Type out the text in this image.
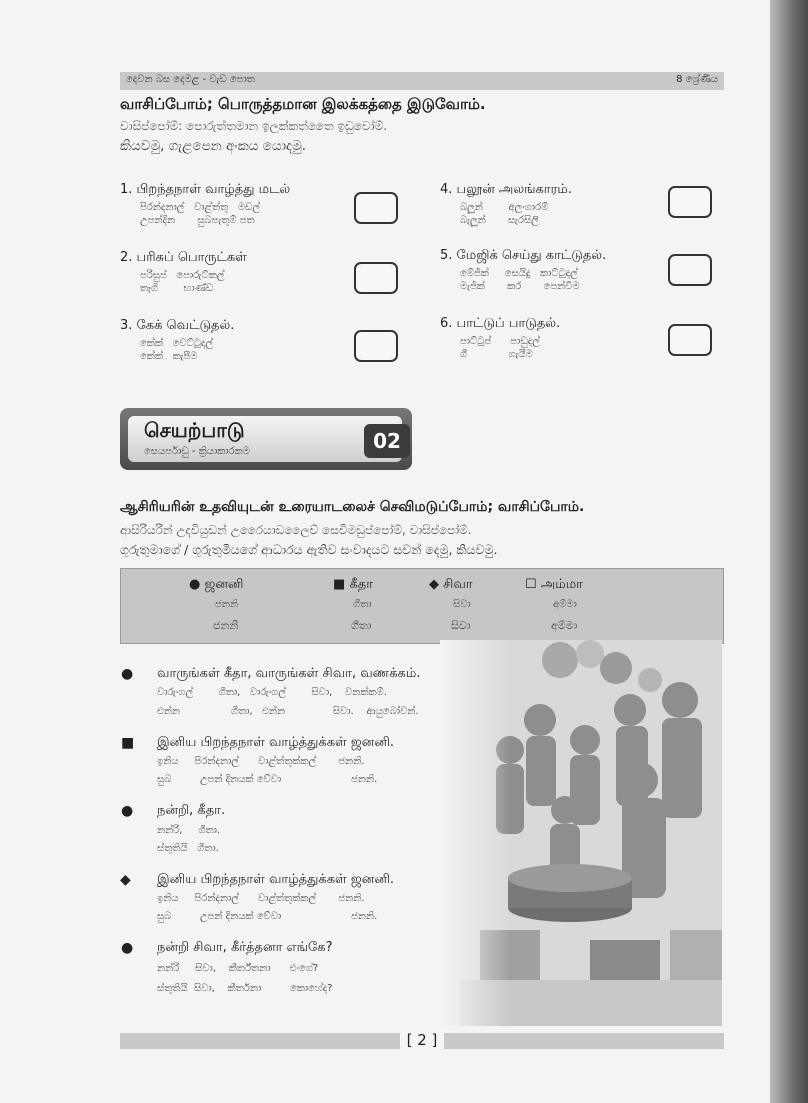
දෙවන බස දෙමළ - වැඩ පොත	8 ශ්‍රේණිය
வாசிப்போம்; பொருத்தமான இலக்கத்தை இடுவோம்.
වාසිප්පෝම්: පොරුත්තමාන ඉලක්කත්තෛ ඉඩුවෝම්.
කියවමු, ගැළපෙන අංකය යොදමු.
1. பிறந்தநாள் வாழ்த்து மடல்
පිරන්දනාල්   වාළ්ත්තු   මඩල්
උපන්දින       සුබපැතුම් පත
2. பரிசுப் பொருட்கள்
පරිසුප්   පොරුට්කල්
තෑගි        භාණ්ඩ
3. கேக் வெட்டுதல்.
කේක්   වෙට්ටුදල්
කේක්   කැපීම
4. பலூன் அலங்காரம்.
බලූන්        අලංගාරම්
බැලූන්       සැරසිලි
5. மேஜிக் செய்து காட்டுதல்.
මේජික්     සෙයිදු   කාට්ටුදල්
මැජික්       කර       පෙන්වීම
6. பாட்டுப் பாடுதல்.
පාට්ටුප්      පාඩුදල්
ගී             ගැයීම
செயற்பாடு
සෙයර්පාඩු - ක්‍රියාකාරකම	02
ஆசிரியரின் உதவியுடன் உரையாடலைச் செவிமடுப்போம்; வாசிப்போம்.
ආසිරියරින් උදවියුඩන් උරෛයාඩලෛච් සෙවිමඩුප්පෝම්, වාසිප්පෝම්.
ගුරුතුමාගේ / ගුරුතුමියගේ ආධාරය ඇතිව සංවාදයට සවන් දෙමු, කියවමු.
● ஜனனி
ජනනි
ජනනි
■ கீதா
ගීතා
ගීතා
◆ சிவா
සිවා
සිවා
☐ அம்மா
අම්මා
අම්මා
● வாருங்கள் கீதா, வாருங்கள் சிவா, வணக்கம்.
වාරුංගල්        ගීතා,   වාරුංගල්        සිවා,    වනක්කම්.
එන්න                ගීතා,   එන්න               සිවා.    ආයුබෝවන්.
■ இனிய பிறந்தநாள் வாழ்த்துக்கள் ஜனனி.
ඉනිය     පිරන්දනාල්      වාළ්ත්තුක්කල්       ජනනි.
සුබ         උපන් දිනයක් වේවා                      ජනනි.
● நன்றி, கீதா.
නන්රි,     ගීතා.
ස්තුතියි   ගීතා.
◆ இனிய பிறந்தநாள் வாழ்த்துக்கள் ஜனனி.
ඉනිය     පිරන්දනාල්      වාළ්ත්තුක්කල්       ජනනි.
සුබ         උපන් දිනයක් වේවා                      ජනනි.
● நன்றி சிவா, கீர்த்தனா எங்கே?
නන්රි     සිවා,    කීර්ත්තනා      එංගේ?
ස්තුතියි  සිවා,    කීර්තනා         කොහේද?
[ 2 ]
